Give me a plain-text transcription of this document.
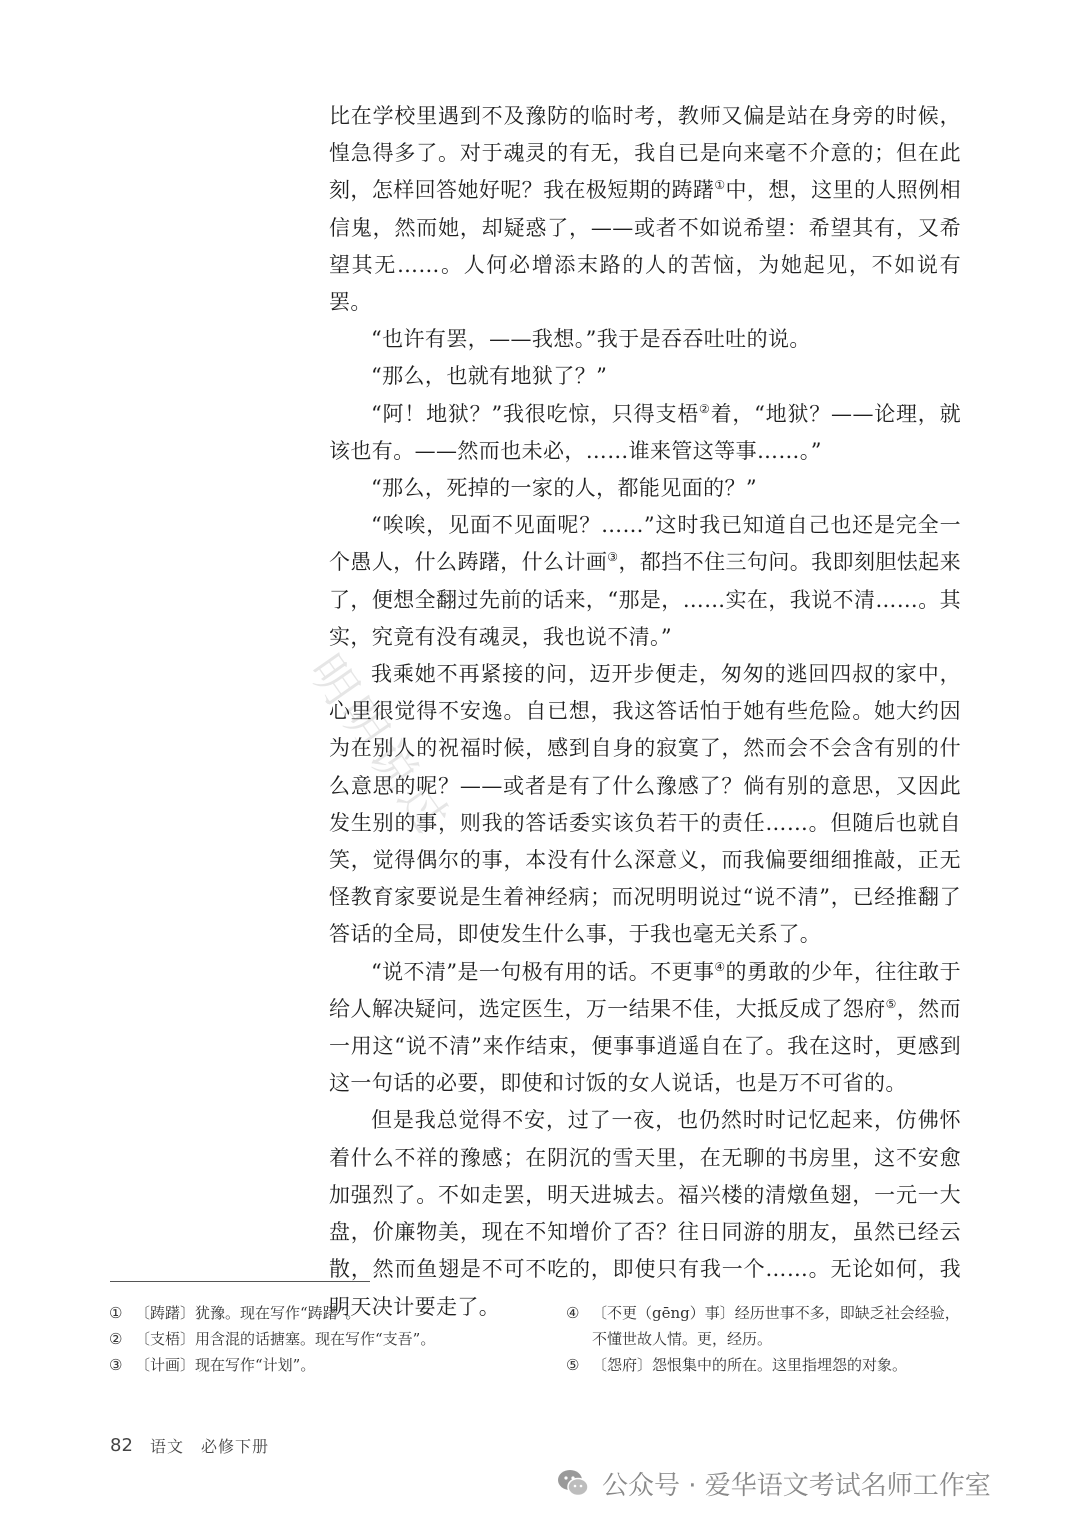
明明说过

比在学校里遇到不及豫防的临时考，教师又偏是站在身旁的时候，惶急得多了。对于魂灵的有无，我自已是向来毫不介意的；但在此刻，怎样回答她好呢？我在极短期的踌躇①中，想，这里的人照例相信鬼，然而她，却疑惑了，——或者不如说希望：希望其有，又希望其无……。人何必增添末路的人的苦恼，为她起见，不如说有罢。

“也许有罢，——我想。”我于是吞吞吐吐的说。

“那么，也就有地狱了？”

“阿！地狱？”我很吃惊，只得支梧②着，“地狱？——论理，就该也有。——然而也未必，……谁来管这等事……。”

“那么，死掉的一家的人，都能见面的？”

“唉唉，见面不见面呢？……”这时我已知道自己也还是完全一个愚人，什么踌躇，什么计画③，都挡不住三句问。我即刻胆怯起来了，便想全翻过先前的话来，“那是，……实在，我说不清……。其实，究竟有没有魂灵，我也说不清。”

我乘她不再紧接的问，迈开步便走，匆匆的逃回四叔的家中，心里很觉得不安逸。自已想，我这答话怕于她有些危险。她大约因为在别人的祝福时候，感到自身的寂寞了，然而会不会含有别的什么意思的呢？——或者是有了什么豫感了？倘有别的意思，又因此发生别的事，则我的答话委实该负若干的责任……。但随后也就自笑，觉得偶尔的事，本没有什么深意义，而我偏要细细推敲，正无怪教育家要说是生着神经病；而况明明说过“说不清”，已经推翻了答话的全局，即使发生什么事，于我也毫无关系了。

“说不清”是一句极有用的话。不更事④的勇敢的少年，往往敢于给人解决疑问，选定医生，万一结果不佳，大抵反成了怨府⑤，然而一用这“说不清”来作结束，便事事逍遥自在了。我在这时，更感到这一句话的必要，即使和讨饭的女人说话，也是万不可省的。

但是我总觉得不安，过了一夜，也仍然时时记忆起来，仿佛怀着什么不祥的豫感；在阴沉的雪天里，在无聊的书房里，这不安愈加强烈了。不如走罢，明天进城去。福兴楼的清燉鱼翅，一元一大盘，价廉物美，现在不知增价了否？往日同游的朋友，虽然已经云散，然而鱼翅是不可不吃的，即使只有我一个……。无论如何，我明天决计要走了。

① 〔踌躇〕犹豫。现在写作“踌躇”。
② 〔支梧〕用含混的话搪塞。现在写作“支吾”。
③ 〔计画〕现在写作“计划”。
④ 〔不更（gēng）事〕经历世事不多，即缺乏社会经验，不懂世故人情。更，经历。
⑤ 〔怨府〕怨恨集中的所在。这里指埋怨的对象。
82 语文　必修下册
公众号 · 爱华语文考试名师工作室
